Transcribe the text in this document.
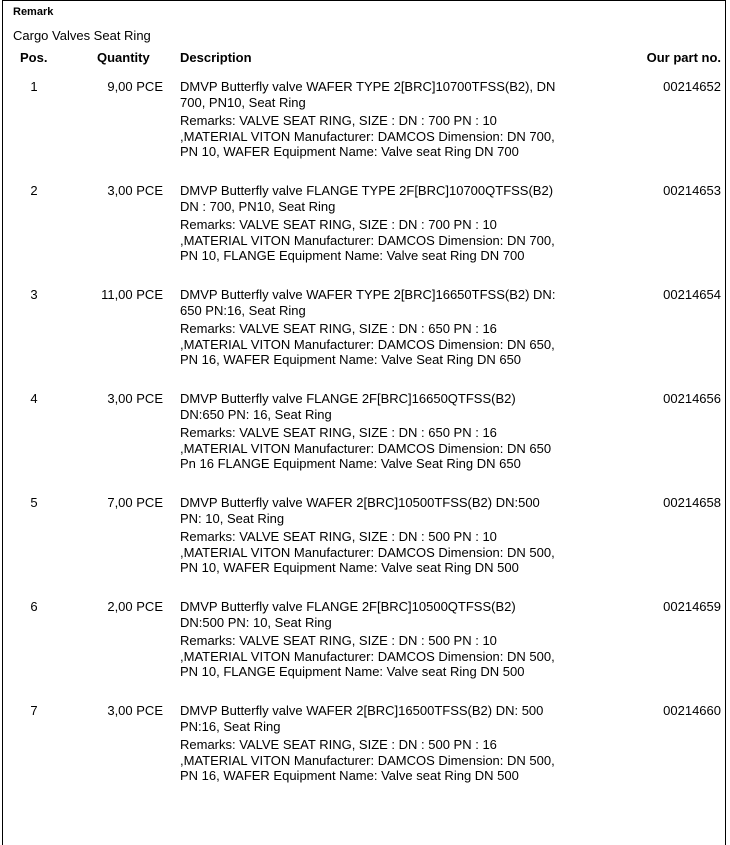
Remark
Cargo Valves Seat Ring
Pos.	Quantity Description	Our part no.
1	9,00 PCE DMVP Butterfly valve WAFER TYPE 2[BRC]10700TFSS(B2), DN 700, PN10, Seat Ring
Remarks: VALVE SEAT RING, SIZE : DN : 700 PN : 10 ,MATERIAL VITON Manufacturer: DAMCOS Dimension: DN 700, PN 10, WAFER Equipment Name: Valve seat Ring DN 700
00214652
2	3,00 PCE DMVP Butterfly valve FLANGE TYPE 2F[BRC]10700QTFSS(B2) DN : 700, PN10, Seat Ring
Remarks: VALVE SEAT RING, SIZE : DN : 700 PN : 10 ,MATERIAL VITON Manufacturer: DAMCOS Dimension: DN 700, PN 10, FLANGE Equipment Name: Valve seat Ring DN 700
00214653
3	11,00 PCE DMVP Butterfly valve WAFER TYPE 2[BRC]16650TFSS(B2) DN: 650 PN:16, Seat Ring
Remarks: VALVE SEAT RING, SIZE : DN : 650 PN : 16 ,MATERIAL VITON Manufacturer: DAMCOS Dimension: DN 650, PN 16, WAFER Equipment Name: Valve Seat Ring DN 650
00214654
4	3,00 PCE DMVP Butterfly valve FLANGE 2F[BRC]16650QTFSS(B2) DN:650 PN: 16, Seat Ring
Remarks: VALVE SEAT RING, SIZE : DN : 650 PN : 16 ,MATERIAL VITON Manufacturer: DAMCOS Dimension: DN 650 Pn 16 FLANGE Equipment Name: Valve Seat Ring DN 650
00214656
5	7,00 PCE DMVP Butterfly valve WAFER 2[BRC]10500TFSS(B2) DN:500 PN: 10, Seat Ring
Remarks: VALVE SEAT RING, SIZE : DN : 500 PN : 10 ,MATERIAL VITON Manufacturer: DAMCOS Dimension: DN 500, PN 10, WAFER Equipment Name: Valve seat Ring DN 500
00214658
6	2,00 PCE DMVP Butterfly valve FLANGE 2F[BRC]10500QTFSS(B2) DN:500 PN: 10, Seat Ring
Remarks: VALVE SEAT RING, SIZE : DN : 500 PN : 10 ,MATERIAL VITON Manufacturer: DAMCOS Dimension: DN 500, PN 10, FLANGE Equipment Name: Valve seat Ring DN 500
00214659
7	3,00 PCE DMVP Butterfly valve WAFER 2[BRC]16500TFSS(B2) DN: 500 PN:16, Seat Ring
Remarks: VALVE SEAT RING, SIZE : DN : 500 PN : 16 ,MATERIAL VITON Manufacturer: DAMCOS Dimension: DN 500, PN 16, WAFER Equipment Name: Valve seat Ring DN 500
00214660
